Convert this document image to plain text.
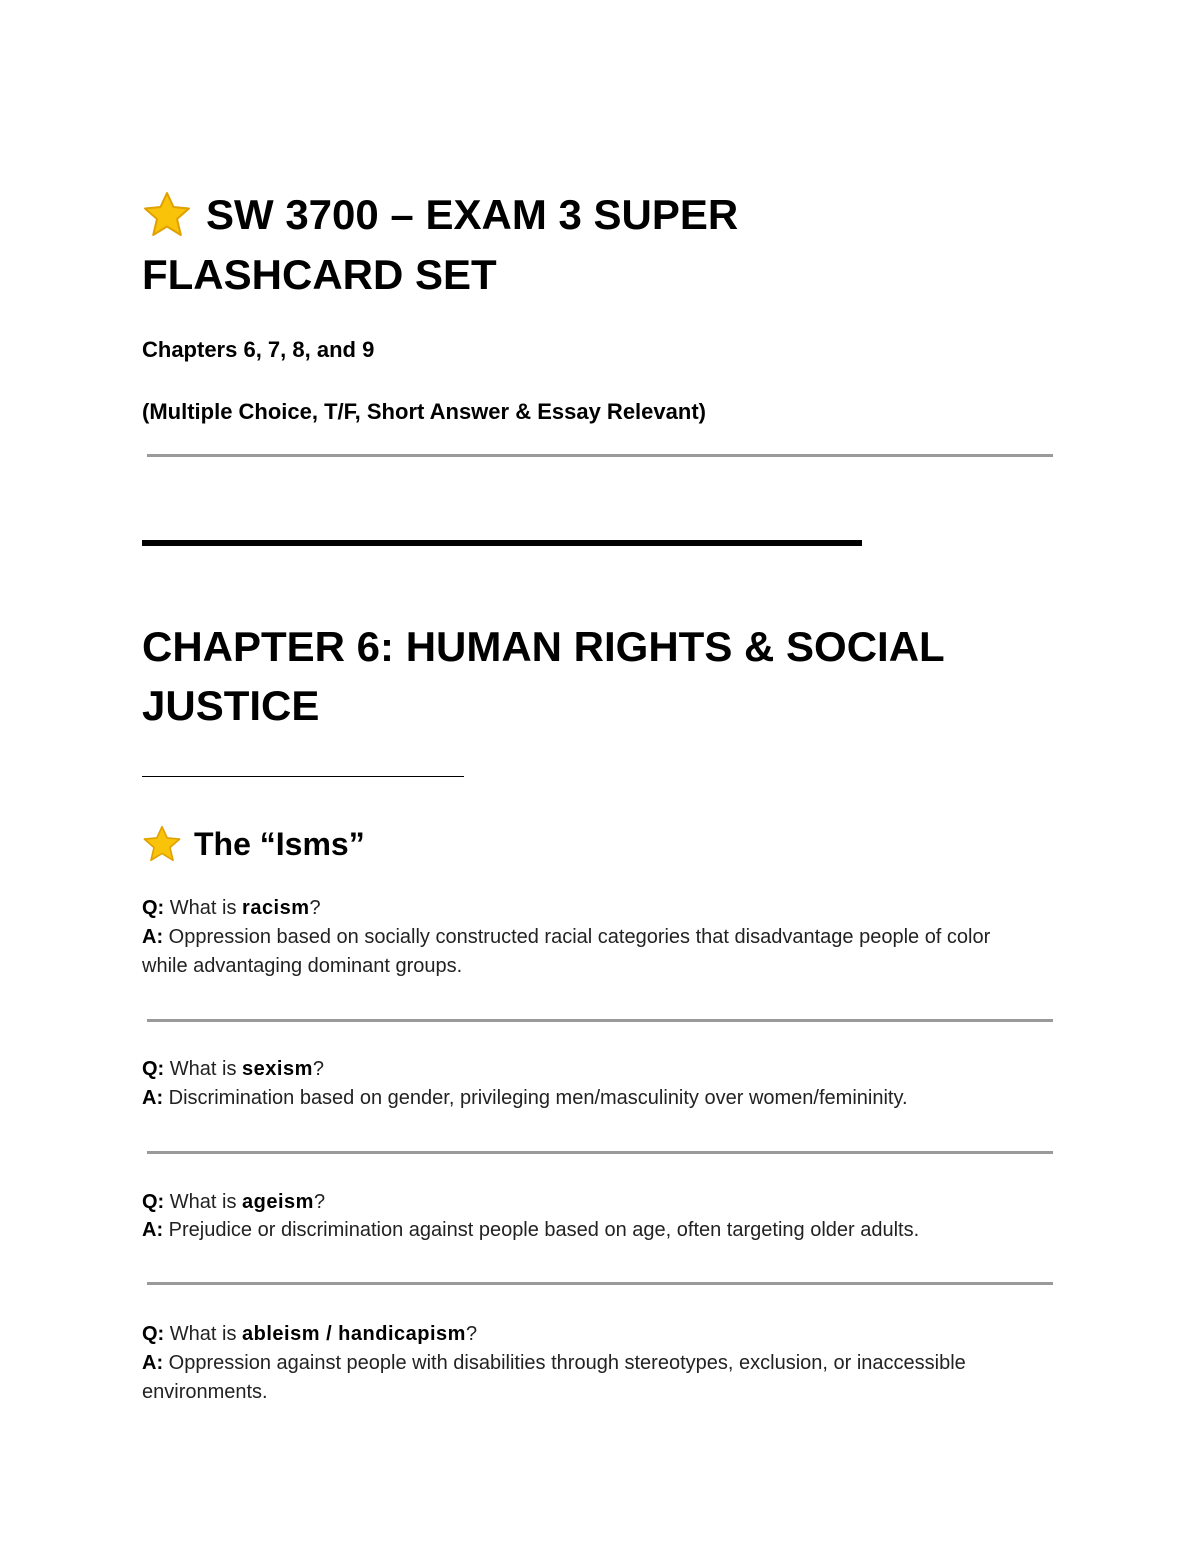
SW 3700 – EXAM 3 SUPER
FLASHCARD SET
Chapters 6, 7, 8, and 9
(Multiple Choice, T/F, Short Answer & Essay Relevant)
CHAPTER 6: HUMAN RIGHTS & SOCIAL
JUSTICE
The “Isms”
Q: What is racism?
A: Oppression based on socially constructed racial categories that disadvantage people of color
while advantaging dominant groups.
Q: What is sexism?
A: Discrimination based on gender, privileging men/masculinity over women/femininity.
Q: What is ageism?
A: Prejudice or discrimination against people based on age, often targeting older adults.
Q: What is ableism / handicapism?
A: Oppression against people with disabilities through stereotypes, exclusion, or inaccessible
environments.
